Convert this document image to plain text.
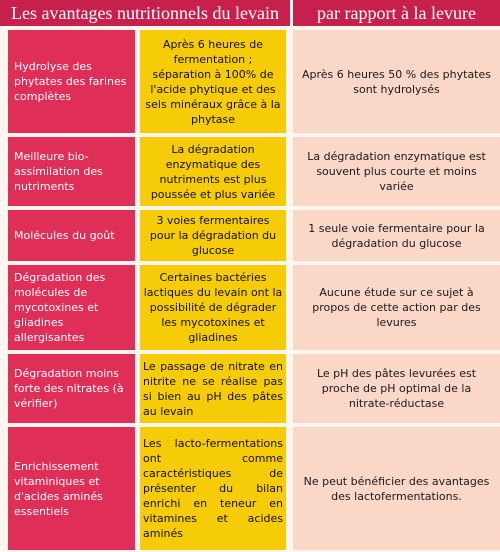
Les avantages nutritionnels du levain	par rapport à la levure
Hydrolyse des phytates des farines complètes
Après 6 heures de fermentation ; séparation à 100% de l'acide phytique et des sels minéraux grâce à la phytase
Après 6 heures 50 % des phytates sont hydrolysés
Meilleure bio-assimilation des nutriments
La dégradation enzymatique des nutriments est plus poussée et plus variée
La dégradation enzymatique est souvent plus courte et moins variée
Molécules du goût
3 voies fermentaires pour la dégradation du glucose
1 seule voie fermentaire pour la dégradation du glucose
Dégradation des molécules de mycotoxines et gliadines allergisantes
Certaines bactéries lactiques du levain ont la possibilité de dégrader les mycotoxines et gliadines
Aucune étude sur ce sujet à propos de cette action par des levures
Dégradation moins forte des nitrates (à vérifier)
Le passage de nitrate en nitrite ne se réalise pas si bien au pH des pâtes au levain
Le pH des pâtes levurées est proche de pH optimal de la nitrate-réductase
Enrichissement vitaminiques et d'acides aminés essentiels
Les lacto-fermentations ont comme caractéristiques de présenter du bilan enrichi en teneur en vitamines et acides aminés
Ne peut bénéficier des avantages des lactofermentations.
